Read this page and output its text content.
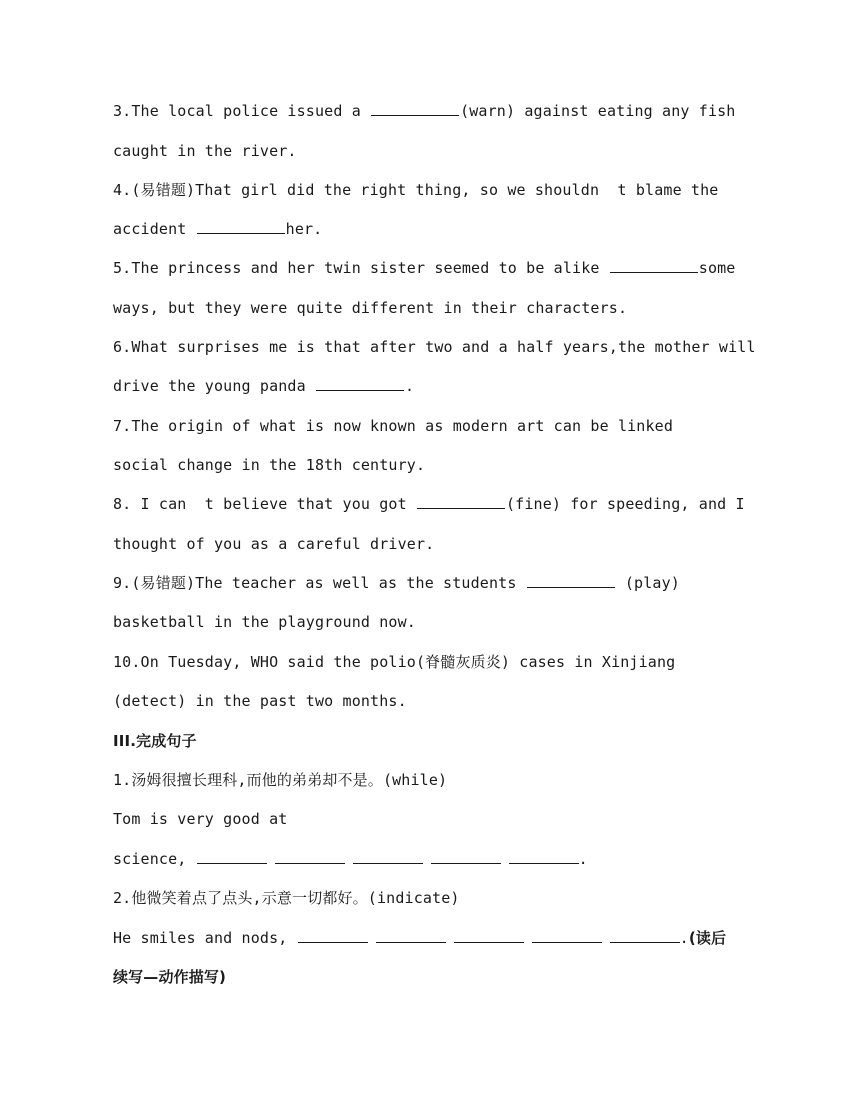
3.The local police issued a	(warn) against eating any fish
caught in the river.
4.(易错题)That girl did the right thing, so we shouldn  t blame the
accident	her.
5.The princess and her twin sister seemed to be alike	some
ways, but they were quite different in their characters.
6.What surprises me is that after two and a half years,the mother will
drive the young panda	.
7.The origin of what is now known as modern art can be linked
social change in the 18th century.
8. I can  t believe that you got	(fine) for speeding, and I
thought of you as a careful driver.
9.(易错题)The teacher as well as the students	(play)
basketball in the playground now.
10.On Tuesday, WHO said the polio(脊髓灰质炎) cases in Xinjiang
(detect) in the past two months.
III.完成句子
1.汤姆很擅长理科,而他的弟弟却不是。(while)
Tom is very good at
science,	.
2.他微笑着点了点头,示意一切都好。(indicate)
He smiles and nods,	.(读后
续写—动作描写)
